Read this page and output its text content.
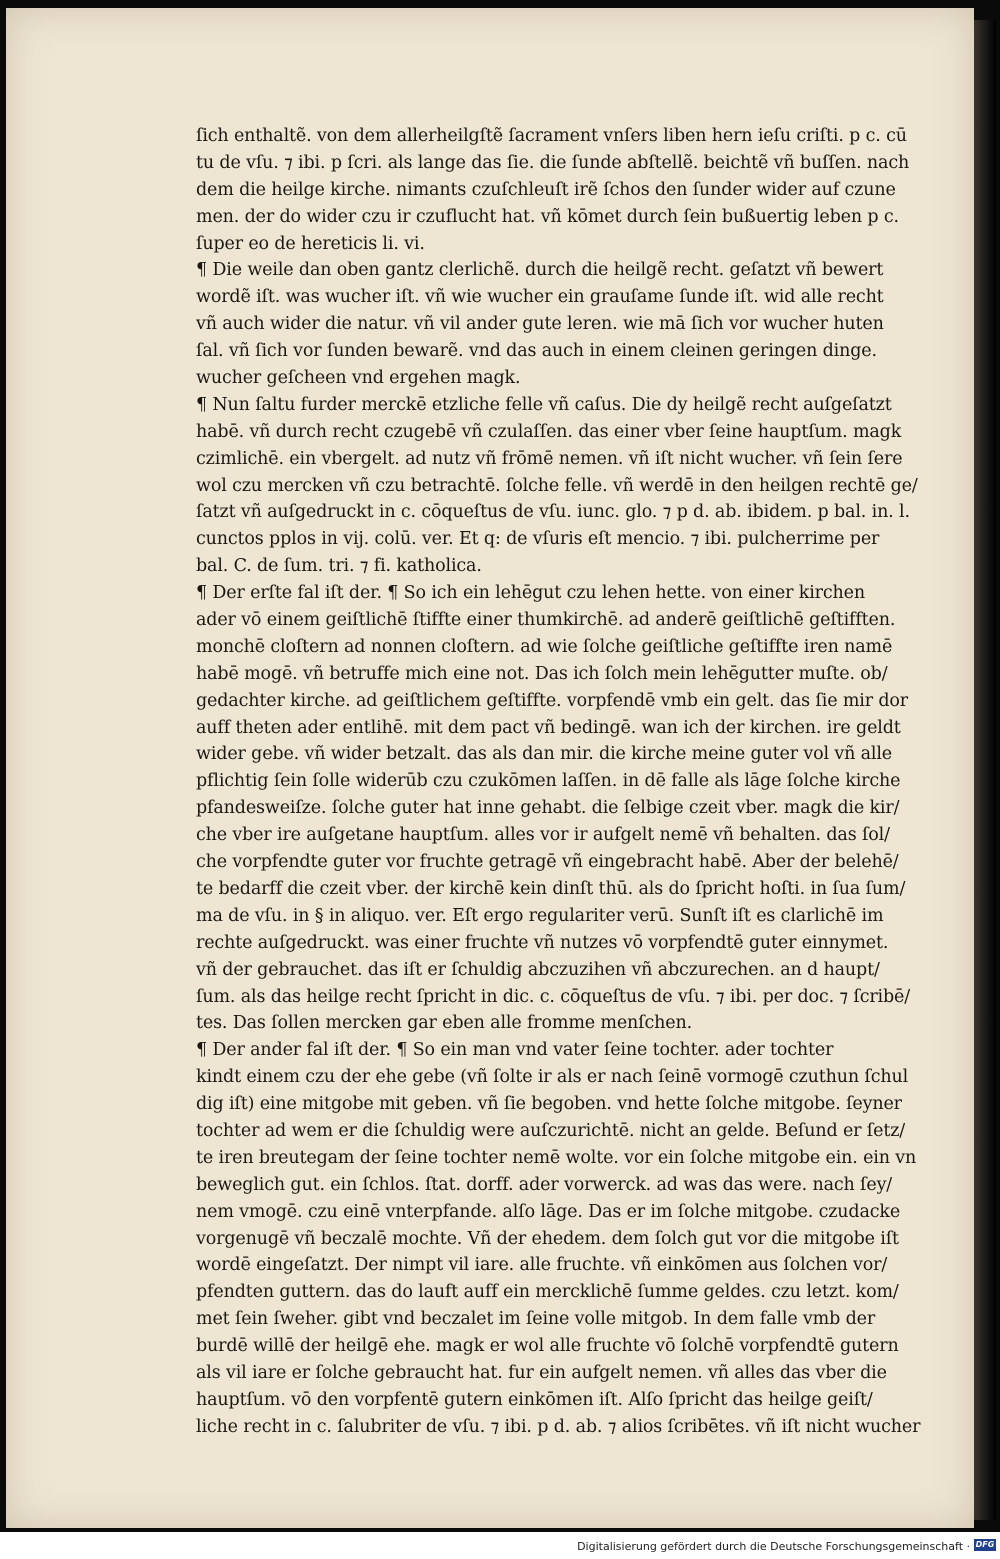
ſich enthaltẽ. von dem allerheilgſtẽ ſacrament vnſers liben hern ieſu criſti. p c. cū
tu de vſu. ⁊ ibi. p ſcri. als lange das ſie. die ſunde abſtellẽ. beichtẽ vñ buſſen. nach
dem die heilge kirche. nimants czuſchleuſt irẽ ſchos den ſunder wider auf czune
men. der do wider czu ir czuflucht hat. vñ kōmet durch ſein bußuertig leben p c.
ſuper eo de hereticis li. vi.
¶ Die weile dan oben gantz clerlichẽ. durch die heilgẽ recht. geſatzt vñ bewert
wordẽ iſt. was wucher iſt. vñ wie wucher ein grauſame ſunde iſt. wid alle recht
vñ auch wider die natur. vñ vil ander gute leren. wie mā ſich vor wucher huten
ſal. vñ ſich vor ſunden bewarẽ. vnd das auch in einem cleinen geringen dinge.
wucher geſcheen vnd ergehen magk.
¶ Nun ſaltu furder merckē etzliche felle vñ caſus. Die dy heilgẽ recht auſgeſatzt
habē. vñ durch recht czugebē vñ czulaſſen. das einer vber ſeine hauptſum. magk
czimlichē. ein vbergelt. ad nutz vñ frōmē nemen. vñ iſt nicht wucher. vñ ſein ſere
wol czu mercken vñ czu betrachtē. ſolche felle. vñ werdē in den heilgen rechtē ge/
ſatzt vñ auſgedruckt in c. cōqueſtus de vſu. iunc. glo. ⁊ p d. ab. ibidem. p bal. in. l.
cunctos pplos in vij. colū. ver. Et q: de vſuris eſt mencio. ⁊ ibi. pulcherrime per
bal. C. de ſum. tri. ⁊ fi. katholica.
¶ Der erſte fal iſt der. ¶ So ich ein lehēgut czu lehen hette. von einer kirchen
ader vō einem geiſtlichē ſtiffte einer thumkirchē. ad anderē geiſtlichē geſtifften.
monchē cloſtern ad nonnen cloſtern. ad wie ſolche geiſtliche geſtiffte iren namē
habē mogē. vñ betruffe mich eine not. Das ich ſolch mein lehēgutter muſte. ob/
gedachter kirche. ad geiſtlichem geſtiffte. vorpfendē vmb ein gelt. das ſie mir dor
auff theten ader entlihē. mit dem pact vñ bedingē. wan ich der kirchen. ire geldt
wider gebe. vñ wider betzalt. das als dan mir. die kirche meine guter vol vñ alle
pflichtig ſein ſolle widerūb czu czukōmen laſſen. in dē falle als lāge ſolche kirche
pfandesweiſze. ſolche guter hat inne gehabt. die ſelbige czeit vber. magk die kir/
che vber ire auſgetane hauptſum. alles vor ir aufgelt nemē vñ behalten. das ſol/
che vorpfendte guter vor fruchte getragē vñ eingebracht habē. Aber der belehē/
te bedarff die czeit vber. der kirchē kein dinſt thū. als do ſpricht hoſti. in ſua ſum/
ma de vſu. in § in aliquo. ver. Eſt ergo regulariter verū. Sunſt iſt es clarlichē im
rechte auſgedruckt. was einer fruchte vñ nutzes vō vorpfendtē guter einnymet.
vñ der gebrauchet. das iſt er ſchuldig abczuzihen vñ abczurechen. an d haupt/
ſum. als das heilge recht ſpricht in dic. c. cōqueſtus de vſu. ⁊ ibi. per doc. ⁊ ſcribē/
tes. Das ſollen mercken gar eben alle fromme menſchen.
¶ Der ander fal iſt der. ¶ So ein man vnd vater ſeine tochter. ader tochter
kindt einem czu der ehe gebe (vñ ſolte ir als er nach ſeinē vormogē czuthun ſchul
dig iſt) eine mitgobe mit geben. vñ ſie begoben. vnd hette ſolche mitgobe. ſeyner
tochter ad wem er die ſchuldig were auſczurichtē. nicht an gelde. Beſund er ſetz/
te iren breutegam der ſeine tochter nemē wolte. vor ein ſolche mitgobe ein. ein vn
beweglich gut. ein ſchlos. ſtat. dorff. ader vorwerck. ad was das were. nach ſey/
nem vmogē. czu einē vnterpfande. alſo lāge. Das er im ſolche mitgobe. czudacke
vorgenugē vñ beczalē mochte. Vñ der ehedem. dem ſolch gut vor die mitgobe iſt
wordē eingeſatzt. Der nimpt vil iare. alle fruchte. vñ einkōmen aus ſolchen vor/
pfendten guttern. das do lauft auff ein mercklichē ſumme geldes. czu letzt. kom/
met ſein ſweher. gibt vnd beczalet im ſeine volle mitgob. In dem falle vmb der
burdē willē der heilgē ehe. magk er wol alle fruchte vō ſolchē vorpfendtē gutern
als vil iare er ſolche gebraucht hat. fur ein aufgelt nemen. vñ alles das vber die
hauptſum. vō den vorpfentē gutern einkōmen iſt. Alſo ſpricht das heilge geiſt/
liche recht in c. ſalubriter de vſu. ⁊ ibi. p d. ab. ⁊ alios ſcribētes. vñ iſt nicht wucher
Digitalisierung gefördert durch die Deutsche Forschungsgemeinschaft · DFG
